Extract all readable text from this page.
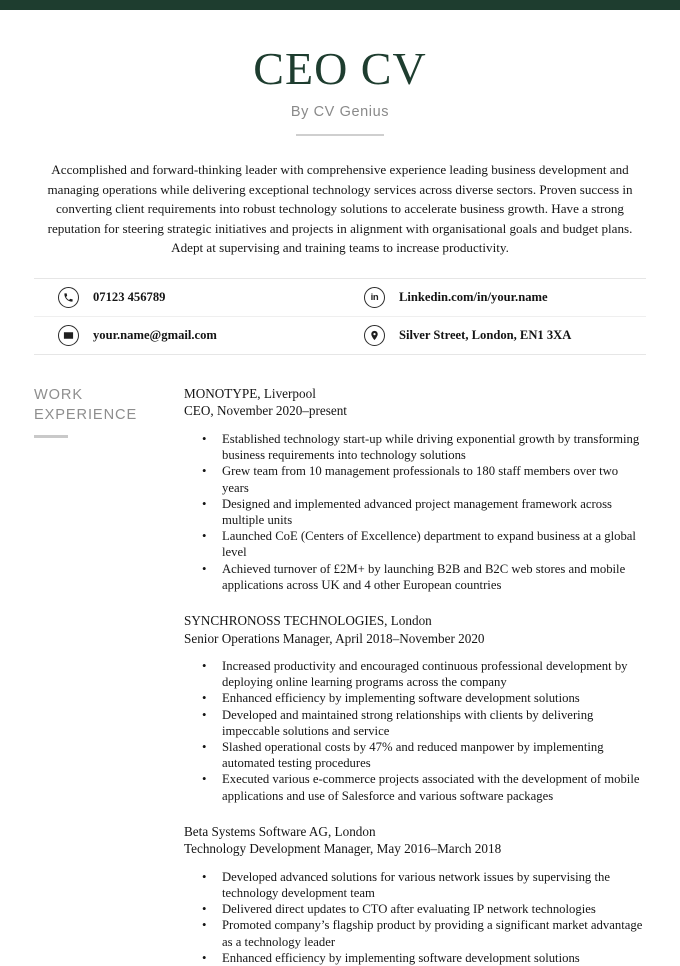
CEO CV
By CV Genius
Accomplished and forward-thinking leader with comprehensive experience leading business development and managing operations while delivering exceptional technology services across diverse sectors. Proven success in converting client requirements into robust technology solutions to accelerate business growth. Have a strong reputation for steering strategic initiatives and projects in alignment with organisational goals and budget plans. Adept at supervising and training teams to increase productivity.
07123 456789	in Linkedin.com/in/your.name
your.name@gmail.com	Silver Street, London, EN1 3XA
WORK
EXPERIENCE
MONOTYPE, Liverpool
CEO, November 2020–present
• Established technology start-up while driving exponential growth by transforming business requirements into technology solutions
• Grew team from 10 management professionals to 180 staff members over two years
• Designed and implemented advanced project management framework across multiple units
• Launched CoE (Centers of Excellence) department to expand business at a global level
• Achieved turnover of £2M+ by launching B2B and B2C web stores and mobile applications across UK and 4 other European countries
SYNCHRONOSS TECHNOLOGIES, London
Senior Operations Manager, April 2018–November 2020
• Increased productivity and encouraged continuous professional development by deploying online learning programs across the company
• Enhanced efficiency by implementing software development solutions
• Developed and maintained strong relationships with clients by delivering impeccable solutions and service
• Slashed operational costs by 47% and reduced manpower by implementing automated testing procedures
• Executed various e-commerce projects associated with the development of mobile applications and use of Salesforce and various software packages
Beta Systems Software AG, London
Technology Development Manager, May 2016–March 2018
• Developed advanced solutions for various network issues by supervising the technology development team
• Delivered direct updates to CTO after evaluating IP network technologies
• Promoted company’s flagship product by providing a significant market advantage as a technology leader
• Enhanced efficiency by implementing software development solutions
